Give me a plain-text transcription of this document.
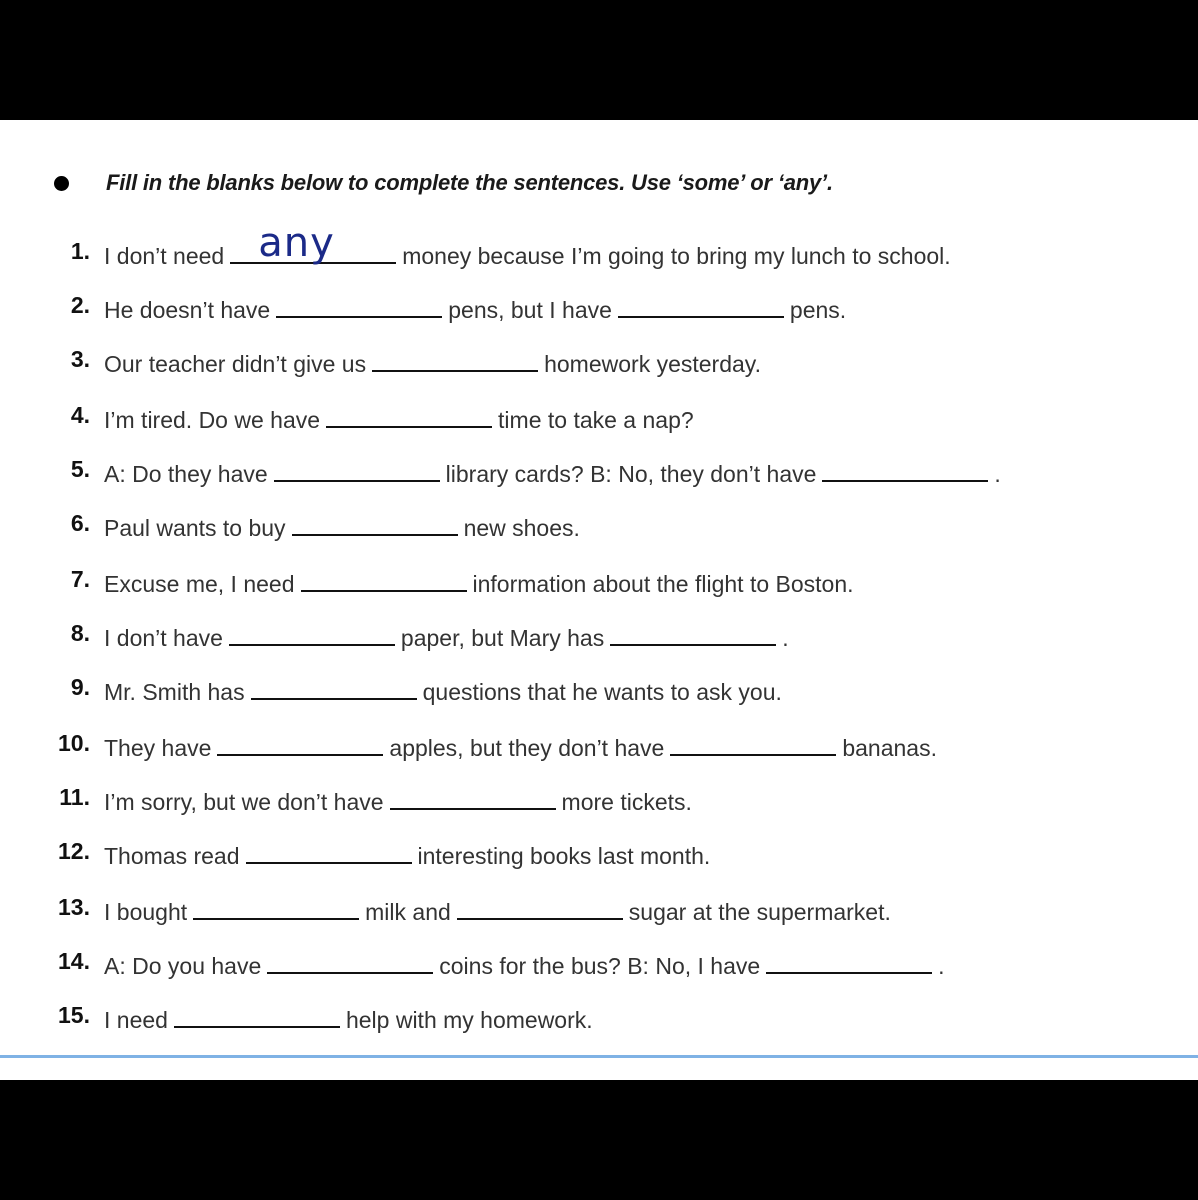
Fill in the blanks below to complete the sentences. Use ‘some’ or ‘any’.
1. I don’t need any	money because I’m going to bring my lunch to school.
2. He doesn’t have	pens, but I have	pens.
3. Our teacher didn’t give us	homework yesterday.
4. I’m tired. Do we have	time to take a nap?
5. A: Do they have	library cards? B: No, they don’t have	.
6. Paul wants to buy	new shoes.
7. Excuse me, I need	information about the flight to Boston.
8. I don’t have	paper, but Mary has	.
9. Mr. Smith has	questions that he wants to ask you.
10. They have	apples, but they don’t have	bananas.
11. I’m sorry, but we don’t have	more tickets.
12. Thomas read	interesting books last month.
13. I bought	milk and	sugar at the supermarket.
14. A: Do you have	coins for the bus? B: No, I have	.
15. I need	help with my homework.
